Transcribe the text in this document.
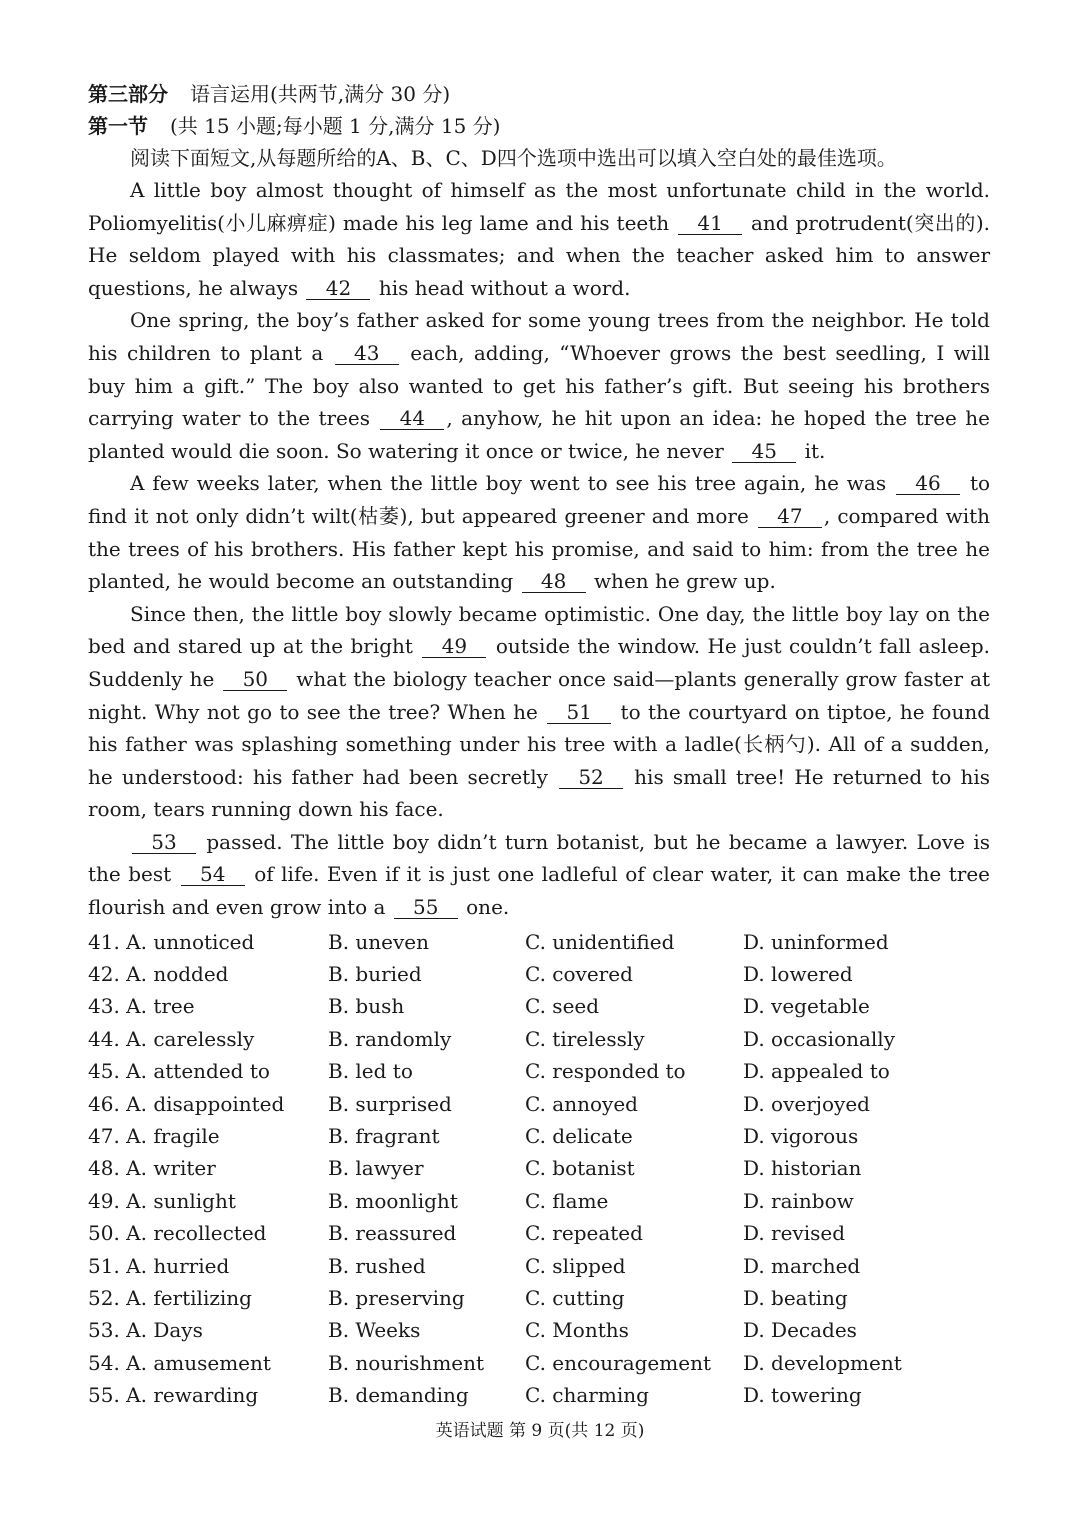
第三部分 语言运用(共两节,满分 30 分)
第一节 (共 15 小题;每小题 1 分,满分 15 分)
阅读下面短文,从每题所给的A、B、C、D四个选项中选出可以填入空白处的最佳选项。

A little boy almost thought of himself as the most unfortunate child in the world. Poliomyelitis(小儿麻痹症) made his leg lame and his teeth 41 and protrudent(突出的). He seldom played with his classmates; and when the teacher asked him to answer questions, he always 42 his head without a word.

One spring, the boy’s father asked for some young trees from the neighbor. He told his children to plant a 43 each, adding, “Whoever grows the best seedling, I will buy him a gift.” The boy also wanted to get his father’s gift. But seeing his brothers carrying water to the trees 44 , anyhow, he hit upon an idea: he hoped the tree he planted would die soon. So watering it once or twice, he never 45 it.

A few weeks later, when the little boy went to see his tree again, he was 46 to find it not only didn’t wilt(枯萎), but appeared greener and more 47 , compared with the trees of his brothers. His father kept his promise, and said to him: from the tree he planted, he would become an outstanding 48 when he grew up.

Since then, the little boy slowly became optimistic. One day, the little boy lay on the bed and stared up at the bright 49 outside the window. He just couldn’t fall asleep. Suddenly he 50 what the biology teacher once said—plants generally grow faster at night. Why not go to see the tree? When he 51 to the courtyard on tiptoe, he found his father was splashing something under his tree with a ladle(长柄勺). All of a sudden, he understood: his father had been secretly 52 his small tree! He returned to his room, tears running down his face.

53 passed. The little boy didn’t turn botanist, but he became a lawyer. Love is the best 54 of life. Even if it is just one ladleful of clear water, it can make the tree flourish and even grow into a 55 one.

41. A. unnoticed	B. uneven	C. unidentified	D. uninformed
42. A. nodded	B. buried	C. covered	D. lowered
43. A. tree	B. bush	C. seed	D. vegetable
44. A. carelessly	B. randomly	C. tirelessly	D. occasionally
45. A. attended to	B. led to	C. responded to	D. appealed to
46. A. disappointed	B. surprised	C. annoyed	D. overjoyed
47. A. fragile	B. fragrant	C. delicate	D. vigorous
48. A. writer	B. lawyer	C. botanist	D. historian
49. A. sunlight	B. moonlight	C. flame	D. rainbow
50. A. recollected	B. reassured	C. repeated	D. revised
51. A. hurried	B. rushed	C. slipped	D. marched
52. A. fertilizing	B. preserving	C. cutting	D. beating
53. A. Days	B. Weeks	C. Months	D. Decades
54. A. amusement	B. nourishment	C. encouragement	D. development
55. A. rewarding	B. demanding	C. charming	D. towering
英语试题 第 9 页(共 12 页)
